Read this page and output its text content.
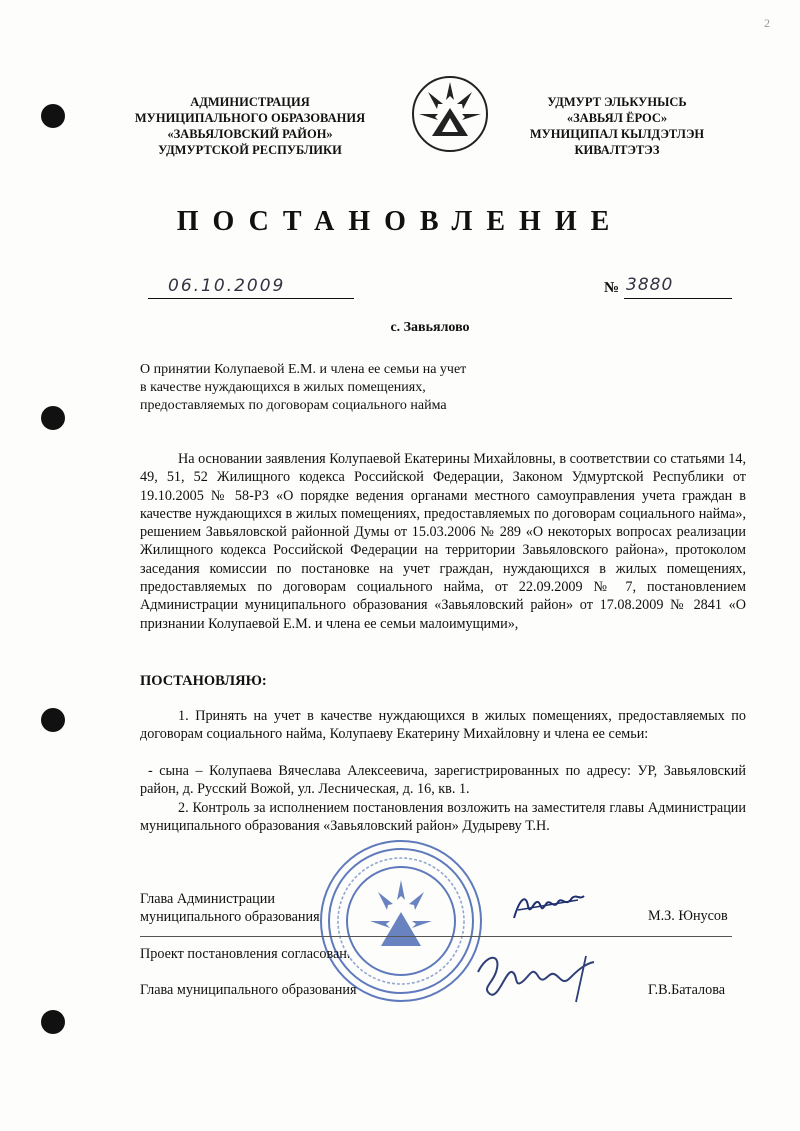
2
АДМИНИСТРАЦИЯ
МУНИЦИПАЛЬНОГО ОБРАЗОВАНИЯ
«ЗАВЬЯЛОВСКИЙ РАЙОН»
УДМУРТСКОЙ РЕСПУБЛИКИ
УДМУРТ ЭЛЬКУНЫСЬ
«ЗАВЬЯЛ ЁРОС»
МУНИЦИПАЛ КЫЛДЭТЛЭН
КИВАЛТЭТЭЗ
ПОСТАНОВЛЕНИЕ
06.10.2009	№ 3880
с. Завьялово
О принятии Колупаевой Е.М. и члена ее семьи на учет
в качестве нуждающихся в жилых помещениях,
предоставляемых по договорам социального найма
На основании заявления Колупаевой Екатерины Михайловны, в соответствии со статьями 14, 49, 51, 52 Жилищного кодекса Российской Федерации, Законом Удмуртской Республики от 19.10.2005 № 58-РЗ «О порядке ведения органами местного самоуправления учета граждан в качестве нуждающихся в жилых помещениях, предоставляемых по договорам социального найма», решением Завьяловской районной Думы от 15.03.2006 № 289 «О некоторых вопросах реализации Жилищного кодекса Российской Федерации на территории Завьяловского района», протоколом заседания комиссии по постановке на учет граждан, нуждающихся в жилых помещениях, предоставляемых по договорам социального найма, от 22.09.2009 № 7, постановлением Администрации муниципального образования «Завьяловский район» от 17.08.2009 № 2841 «О признании Колупаевой Е.М. и члена ее семьи малоимущими»,
ПОСТАНОВЛЯЮ:
1. Принять на учет в качестве нуждающихся в жилых помещениях, предоставляемых по договорам социального найма, Колупаеву Екатерину Михайловну и члена ее семьи:
- сына – Колупаева Вячеслава Алексеевича, зарегистрированных по адресу: УР, Завьяловский район, д. Русский Вожой, ул. Лесническая, д. 16, кв. 1.
2. Контроль за исполнением постановления возложить на заместителя главы Администрации муниципального образования «Завьяловский район» Дудыреву Т.Н.
Глава Администрации
муниципального образования	М.З. Юнусов
Проект постановления согласован.
Глава муниципального образования	Г.В.Баталова
